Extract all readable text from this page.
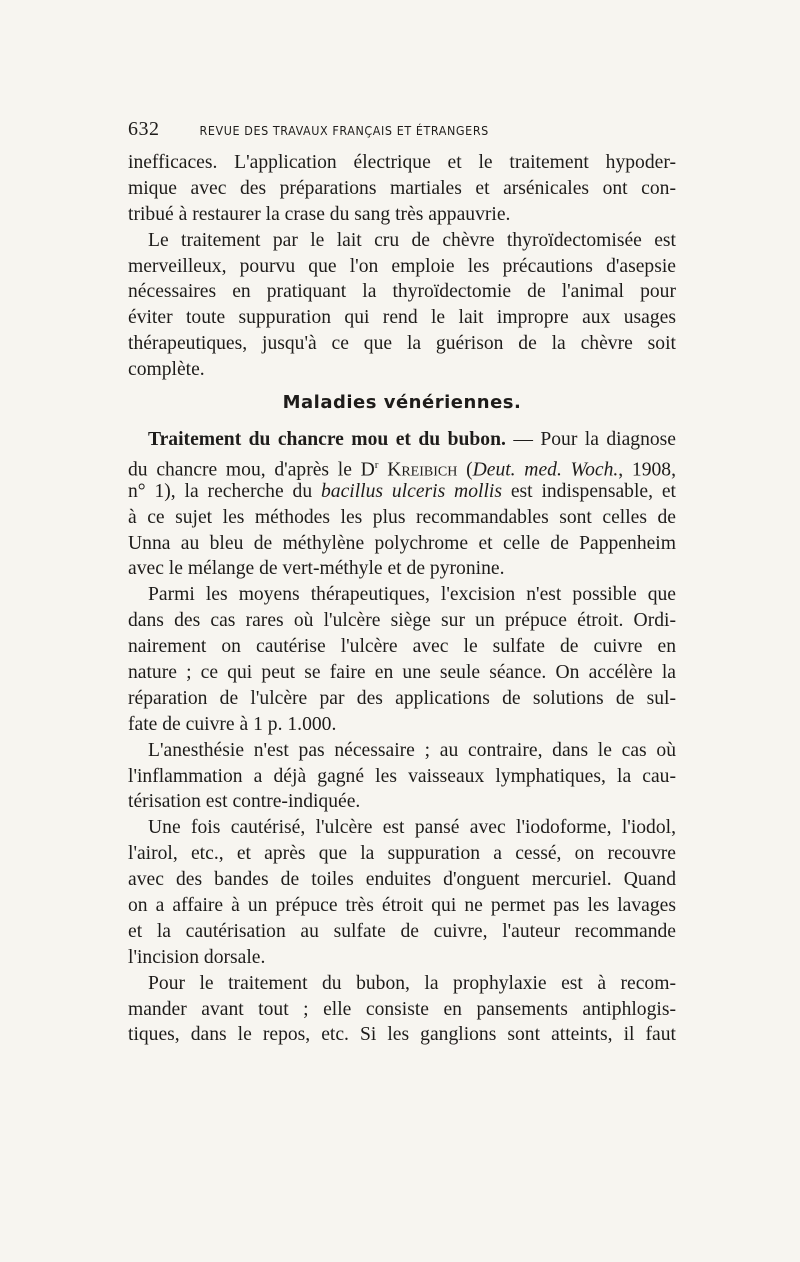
632	REVUE DES TRAVAUX FRANÇAIS ET ÉTRANGERS
inefficaces. L'application électrique et le traitement hypoder-
mique avec des préparations martiales et arsénicales ont con-
tribué à restaurer la crase du sang très appauvrie.
Le traitement par le lait cru de chèvre thyroïdectomisée est
merveilleux, pourvu que l'on emploie les précautions d'asepsie
nécessaires en pratiquant la thyroïdectomie de l'animal pour
éviter toute suppuration qui rend le lait impropre aux usages
thérapeutiques, jusqu'à ce que la guérison de la chèvre soit
complète.
Maladies vénériennes.
Traitement du chancre mou et du bubon. — Pour la diagnose
du chancre mou, d'après le $D^r$ Kreibich (Deut. med. Woch., 1908,
n° 1), la recherche du bacillus ulceris mollis est indispensable, et
à ce sujet les méthodes les plus recommandables sont celles de
Unna au bleu de méthylène polychrome et celle de Pappenheim
avec le mélange de vert-méthyle et de pyronine.
Parmi les moyens thérapeutiques, l'excision n'est possible que
dans des cas rares où l'ulcère siège sur un prépuce étroit. Ordi-
nairement on cautérise l'ulcère avec le sulfate de cuivre en
nature ; ce qui peut se faire en une seule séance. On accélère la
réparation de l'ulcère par des applications de solutions de sul-
fate de cuivre à 1 p. 1.000.
L'anesthésie n'est pas nécessaire ; au contraire, dans le cas où
l'inflammation a déjà gagné les vaisseaux lymphatiques, la cau-
térisation est contre-indiquée.
Une fois cautérisé, l'ulcère est pansé avec l'iodoforme, l'iodol,
l'airol, etc., et après que la suppuration a cessé, on recouvre
avec des bandes de toiles enduites d'onguent mercuriel. Quand
on a affaire à un prépuce très étroit qui ne permet pas les lavages
et la cautérisation au sulfate de cuivre, l'auteur recommande
l'incision dorsale.
Pour le traitement du bubon, la prophylaxie est à recom-
mander avant tout ; elle consiste en pansements antiphlogis-
tiques, dans le repos, etc. Si les ganglions sont atteints, il faut
